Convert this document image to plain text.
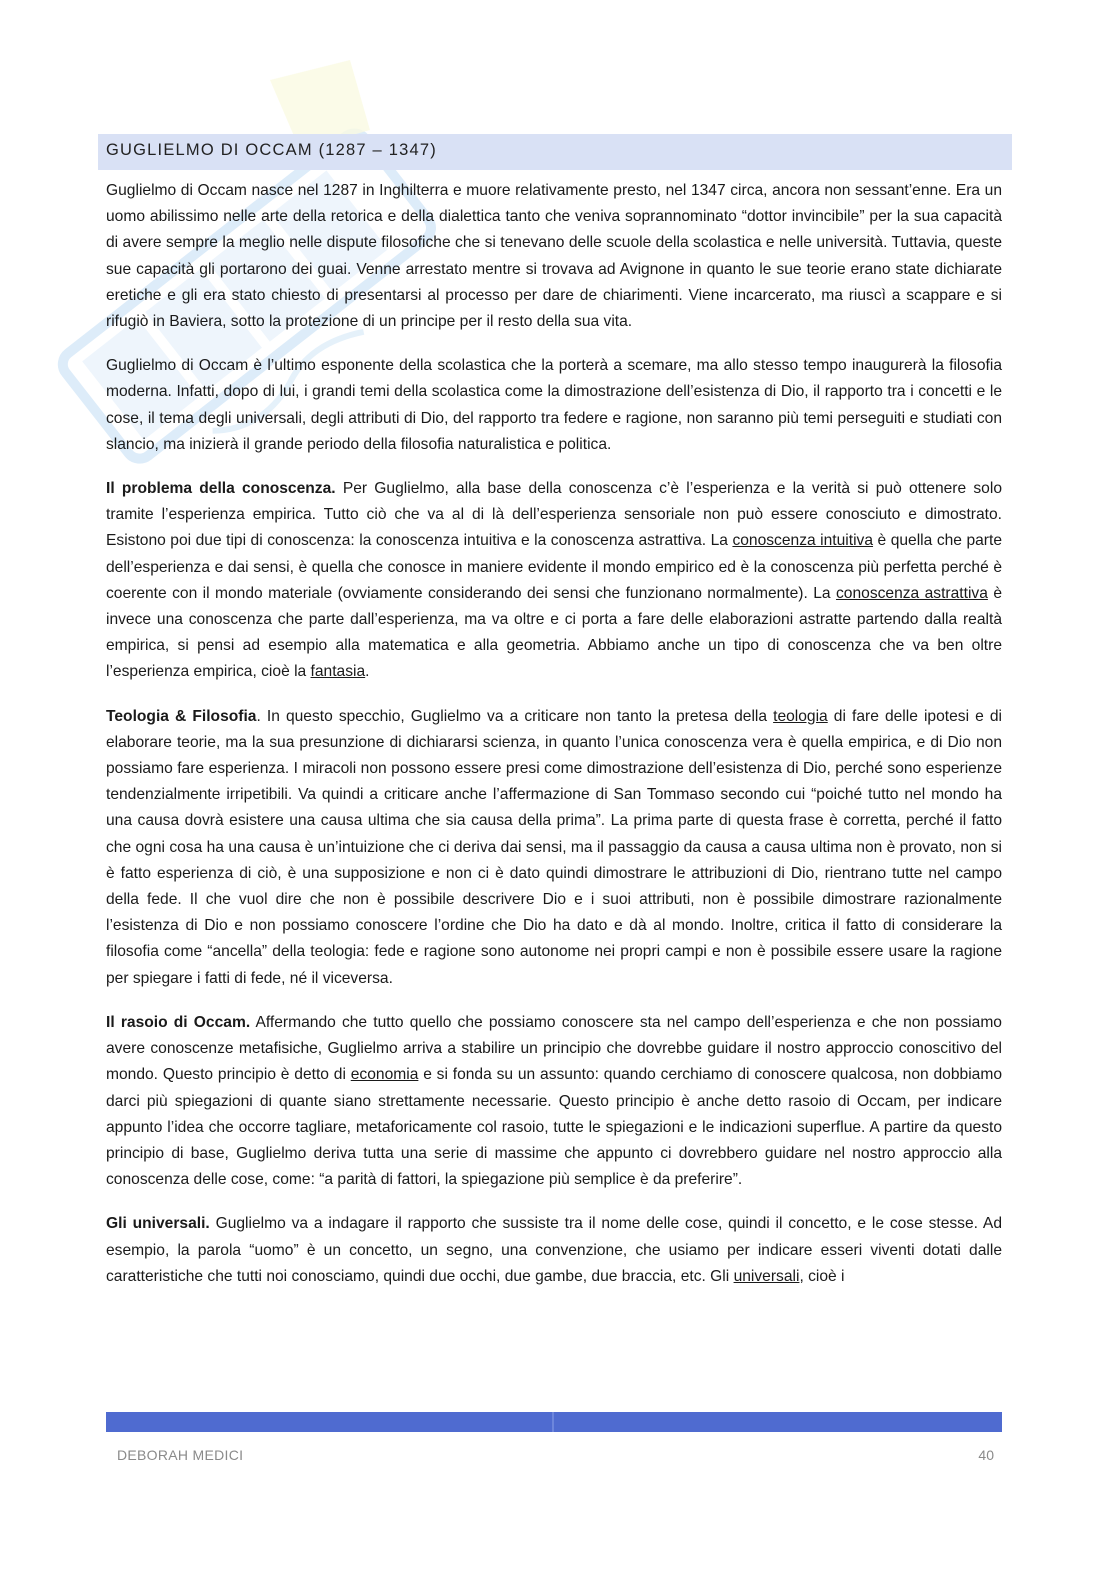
GUGLIELMO DI OCCAM (1287 – 1347)

Guglielmo di Occam nasce nel 1287 in Inghilterra e muore relativamente presto, nel 1347 circa, ancora non sessant’enne. Era un uomo abilissimo nelle arte della retorica e della dialettica tanto che veniva soprannominato “dottor invincibile” per la sua capacità di avere sempre la meglio nelle dispute filosofiche che si tenevano delle scuole della scolastica e nelle università. Tuttavia, queste sue capacità gli portarono dei guai. Venne arrestato mentre si trovava ad Avignone in quanto le sue teorie erano state dichiarate eretiche e gli era stato chiesto di presentarsi al processo per dare de chiarimenti. Viene incarcerato, ma riuscì a scappare e si rifugiò in Baviera, sotto la protezione di un principe per il resto della sua vita.

Guglielmo di Occam è l’ultimo esponente della scolastica che la porterà a scemare, ma allo stesso tempo inaugurerà la filosofia moderna. Infatti, dopo di lui, i grandi temi della scolastica come la dimostrazione dell’esistenza di Dio, il rapporto tra i concetti e le cose, il tema degli universali, degli attributi di Dio, del rapporto tra federe e ragione, non saranno più temi perseguiti e studiati con slancio, ma inizierà il grande periodo della filosofia naturalistica e politica.

Il problema della conoscenza. Per Guglielmo, alla base della conoscenza c’è l’esperienza e la verità si può ottenere solo tramite l’esperienza empirica. Tutto ciò che va al di là dell’esperienza sensoriale non può essere conosciuto e dimostrato. Esistono poi due tipi di conoscenza: la conoscenza intuitiva e la conoscenza astrattiva. La conoscenza intuitiva è quella che parte dell’esperienza e dai sensi, è quella che conosce in maniere evidente il mondo empirico ed è la conoscenza più perfetta perché è coerente con il mondo materiale (ovviamente considerando dei sensi che funzionano normalmente). La conoscenza astrattiva è invece una conoscenza che parte dall’esperienza, ma va oltre e ci porta a fare delle elaborazioni astratte partendo dalla realtà empirica, si pensi ad esempio alla matematica e alla geometria. Abbiamo anche un tipo di conoscenza che va ben oltre l’esperienza empirica, cioè la fantasia.

Teologia & Filosofia. In questo specchio, Guglielmo va a criticare non tanto la pretesa della teologia di fare delle ipotesi e di elaborare teorie, ma la sua presunzione di dichiararsi scienza, in quanto l’unica conoscenza vera è quella empirica, e di Dio non possiamo fare esperienza. I miracoli non possono essere presi come dimostrazione dell’esistenza di Dio, perché sono esperienze tendenzialmente irripetibili. Va quindi a criticare anche l’affermazione di San Tommaso secondo cui “poiché tutto nel mondo ha una causa dovrà esistere una causa ultima che sia causa della prima”. La prima parte di questa frase è corretta, perché il fatto che ogni cosa ha una causa è un’intuizione che ci deriva dai sensi, ma il passaggio da causa a causa ultima non è provato, non si è fatto esperienza di ciò, è una supposizione e non ci è dato quindi dimostrare le attribuzioni di Dio, rientrano tutte nel campo della fede. Il che vuol dire che non è possibile descrivere Dio e i suoi attributi, non è possibile dimostrare razionalmente l’esistenza di Dio e non possiamo conoscere l’ordine che Dio ha dato e dà al mondo. Inoltre, critica il fatto di considerare la filosofia come “ancella” della teologia: fede e ragione sono autonome nei propri campi e non è possibile essere usare la ragione per spiegare i fatti di fede, né il viceversa.

Il rasoio di Occam. Affermando che tutto quello che possiamo conoscere sta nel campo dell’esperienza e che non possiamo avere conoscenze metafisiche, Guglielmo arriva a stabilire un principio che dovrebbe guidare il nostro approccio conoscitivo del mondo. Questo principio è detto di economia e si fonda su un assunto: quando cerchiamo di conoscere qualcosa, non dobbiamo darci più spiegazioni di quante siano strettamente necessarie. Questo principio è anche detto rasoio di Occam, per indicare appunto l’idea che occorre tagliare, metaforicamente col rasoio, tutte le spiegazioni e le indicazioni superflue. A partire da questo principio di base, Guglielmo deriva tutta una serie di massime che appunto ci dovrebbero guidare nel nostro approccio alla conoscenza delle cose, come: “a parità di fattori, la spiegazione più semplice è da preferire”.

Gli universali. Guglielmo va a indagare il rapporto che sussiste tra il nome delle cose, quindi il concetto, e le cose stesse. Ad esempio, la parola “uomo” è un concetto, un segno, una convenzione, che usiamo per indicare esseri viventi dotati dalle caratteristiche che tutti noi conosciamo, quindi due occhi, due gambe, due braccia, etc. Gli universali, cioè i

DEBORAH MEDICI	40
